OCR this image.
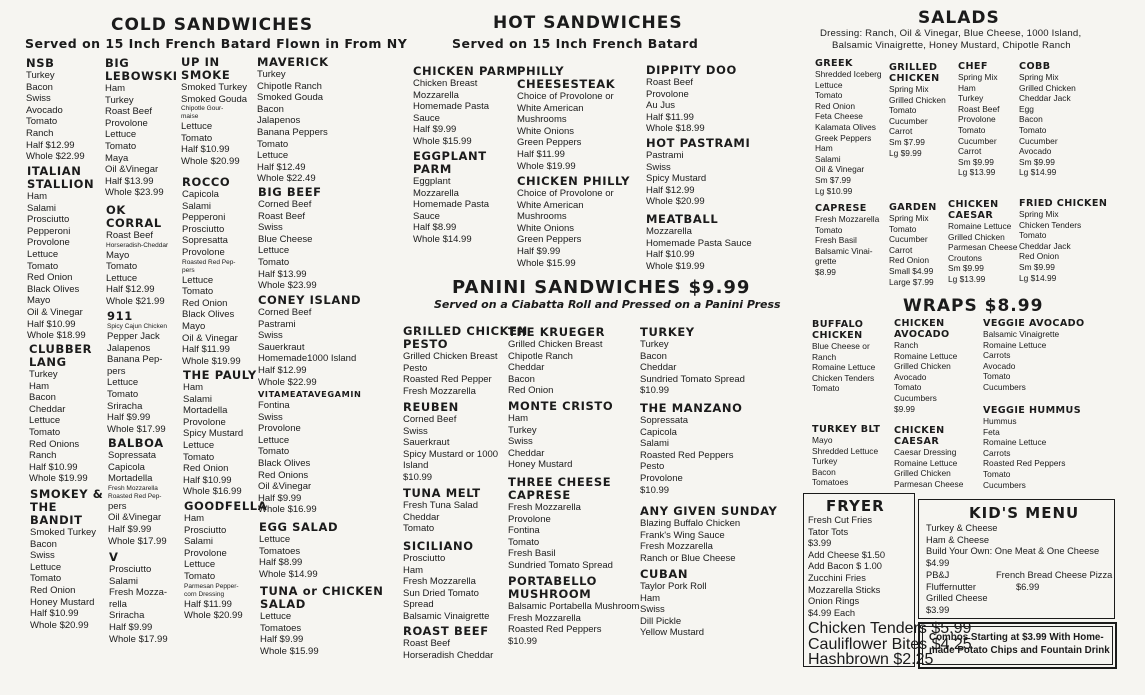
COLD SANDWICHES
Served on 15 Inch French Batard Flown in From NY
HOT SANDWICHES
Served on 15 Inch French Batard
PANINI SANDWICHES $9.99
Served on a Ciabatta Roll and Pressed on a Panini Press
SALADS
Dressing: Ranch, Oil & Vinegar, Blue Cheese, 1000 Island,
Balsamic Vinaigrette, Honey Mustard, Chipotle Ranch
WRAPS $8.99
NSB
Turkey
Bacon
Swiss
Avocado
Tomato
Ranch
Half $12.99
Whole $22.99
ITALIAN
STALLION
Ham
Salami
Prosciutto
Pepperoni
Provolone
Lettuce
Tomato
Red Onion
Black Olives
Mayo
Oil & Vinegar
Half $10.99
Whole $18.99
CLUBBER
LANG
Turkey
Ham
Bacon
Cheddar
Lettuce
Tomato
Red Onions
Ranch
Half $10.99
Whole $19.99
SMOKEY &
THE
BANDIT
Smoked Turkey
Bacon
Swiss
Lettuce
Tomato
Red Onion
Honey Mustard
Half $10.99
Whole $20.99
BIG
LEBOWSKI
Ham
Turkey
Roast Beef
Provolone
Lettuce
Tomato
Maya
Oil &Vinegar
Half $13.99
Whole $23.99
OK
CORRAL
Roast Beef
Horseradish-Cheddar
Mayo
Tomato
Lettuce
Half $12.99
Whole $21.99
911
Spicy Cajun Chicken
Pepper Jack
Jalapenos
Banana Pep-
pers
Lettuce
Tomato
Sriracha
Half $9.99
Whole $17.99
BALBOA
Sopressata
Capicola
Mortadella
Fresh Mozzarella
Roasted Red Pep-
pers
Oil &Vinegar
Half $9.99
Whole $17.99
V
Prosciutto
Salami
Fresh Mozza-
rella
Sriracha
Half $9.99
Whole $17.99
UP IN
SMOKE
Smoked Turkey
Smoked Gouda
Chipotle Gour-
maise
Lettuce
Tomato
Half $10.99
Whole $20.99
ROCCO
Capicola
Salami
Pepperoni
Prosciutto
Sopresatta
Provolone
Roasted Red Pep-
pers
Lettuce
Tomato
Red Onion
Black Olives
Mayo
Oil & Vinegar
Half $11.99
Whole $19.99
THE PAULY
Ham
Salami
Mortadella
Provolone
Spicy Mustard
Lettuce
Tomato
Red Onion
Half $10.99
Whole $16.99
GOODFELLA
Ham
Prosciutto
Salami
Provolone
Lettuce
Tomato
Parmesan Pepper-
corn Dressing
Half $11.99
Whole $20.99
MAVERICK
Turkey
Chipotle Ranch
Smoked Gouda
Bacon
Jalapenos
Banana Peppers
Tomato
Lettuce
Half $12.49
Whole $22.49
BIG BEEF
Corned Beef
Roast Beef
Swiss
Blue Cheese
Lettuce
Tomato
Half $13.99
Whole $23.99
CONEY ISLAND
Corned Beef
Pastrami
Swiss
Sauerkraut
Homemade1000 Island
Half $12.99
Whole $22.99
VITAMEATAVEGAMIN
Fontina
Swiss
Provolone
Lettuce
Tomato
Black Olives
Red Onions
Oil &Vinegar
Half $9.99
Whole $16.99
EGG SALAD
Lettuce
Tomatoes
Half $8.99
Whole $14.99
TUNA or CHICKEN
SALAD
Lettuce
Tomatoes
Half $9.99
Whole $15.99
CHICKEN PARM
Chicken Breast
Mozzarella
Homemade Pasta
Sauce
Half $9.99
Whole $15.99
EGGPLANT
PARM
Eggplant
Mozzarella
Homemade Pasta
Sauce
Half $8.99
Whole $14.99
PHILLY
CHEESESTEAK
Choice of Provolone or
White American
Mushrooms
White Onions
Green Peppers
Half $11.99
Whole $19.99
CHICKEN PHILLY
Choice of Provolone or
White American
Mushrooms
White Onions
Green Peppers
Half $9.99
Whole $15.99
DIPPITY DOO
Roast Beef
Provolone
Au Jus
Half $11.99
Whole $18.99
HOT PASTRAMI
Pastrami
Swiss
Spicy Mustard
Half $12.99
Whole $20.99
MEATBALL
Mozzarella
Homemade Pasta Sauce
Half $10.99
Whole $19.99
GRILLED CHICKEN
PESTO
Grilled Chicken Breast
Pesto
Roasted Red Pepper
Fresh Mozzarella
REUBEN
Corned Beef
Swiss
Sauerkraut
Spicy Mustard or 1000
Island
$10.99
TUNA MELT
Fresh Tuna Salad
Cheddar
Tomato
SICILIANO
Prosciutto
Ham
Fresh Mozzarella
Sun Dried Tomato
Spread
Balsamic Vinaigrette
ROAST BEEF
Roast Beef
Horseradish Cheddar
THE KRUEGER
Grilled Chicken Breast
Chipotle Ranch
Cheddar
Bacon
Red Onion
MONTE CRISTO
Ham
Turkey
Swiss
Cheddar
Honey Mustard
THREE CHEESE
CAPRESE
Fresh Mozzarella
Provolone
Fontina
Tomato
Fresh Basil
Sundried Tomato Spread
PORTABELLO
MUSHROOM
Balsamic Portabella Mushroom
Fresh Mozzarella
Roasted Red Peppers
$10.99
TURKEY
Turkey
Bacon
Cheddar
Sundried Tomato Spread
$10.99
THE MANZANO
Sopressata
Capicola
Salami
Roasted Red Peppers
Pesto
Provolone
$10.99
ANY GIVEN SUNDAY
Blazing Buffalo Chicken
Frank's Wing Sauce
Fresh Mozzarella
Ranch or Blue Cheese
CUBAN
Taylor Pork Roll
Ham
Swiss
Dill Pickle
Yellow Mustard
GREEK
Shredded Iceberg
Lettuce
Tomato
Red Onion
Feta Cheese
Kalamata Olives
Greek Peppers
Ham
Salami
Oil & Vinegar
Sm $7.99
Lg $10.99
GRILLED
CHICKEN
Spring Mix
Grilled Chicken
Tomato
Cucumber
Carrot
Sm $7.99
Lg $9.99
CHEF
Spring Mix
Ham
Turkey
Roast Beef
Provolone
Tomato
Cucumber
Carrot
Sm $9.99
Lg $13.99
COBB
Spring Mix
Grilled Chicken
Cheddar Jack
Egg
Bacon
Tomato
Cucumber
Avocado
Sm $9.99
Lg $14.99
CAPRESE
Fresh Mozzarella
Tomato
Fresh Basil
Balsamic Vinai-
grette
$8.99
GARDEN
Spring Mix
Tomato
Cucumber
Carrot
Red Onion
Small $4.99
Large $7.99
CHICKEN
CAESAR
Romaine Lettuce
Grilled Chicken
Parmesan Cheese
Croutons
Sm $9.99
Lg $13.99
FRIED CHICKEN
Spring Mix
Chicken Tenders
Tomato
Cheddar Jack
Red Onion
Sm $9.99
Lg $14.99
BUFFALO
CHICKEN
Blue Cheese or
Ranch
Romaine Lettuce
Chicken Tenders
Tomato
CHICKEN
AVOCADO
Ranch
Romaine Lettuce
Grilled Chicken
Avocado
Tomato
Cucumbers
$9.99
VEGGIE AVOCADO
Balsamic Vinaigrette
Romaine Lettuce
Carrots
Avocado
Tomato
Cucumbers
TURKEY BLT
Mayo
Shredded Lettuce
Turkey
Bacon
Tomatoes
CHICKEN
CAESAR
Caesar Dressing
Romaine Lettuce
Grilled Chicken
Parmesan Cheese
VEGGIE HUMMUS
Hummus
Feta
Romaine Lettuce
Carrots
Roasted Red Peppers
Tomato
Cucumbers
FRYER
Fresh Cut Fries
Tator Tots
$3.99
Add Cheese $1.50
Add Bacon $ 1.00
Zucchini Fries
Mozzarella Sticks
Onion Rings
$4.99 Each
Chicken Tenders $5.99
Cauliflower Bites $4.25
Hashbrown $2.25
KID'S MENU
Turkey & Cheese
Ham & Cheese
Build Your Own: One Meat & One Cheese
$4.99
PB&J
Fluffernutter
Grilled Cheese
$3.99
French Bread Cheese Pizza
$6.99
Combos Starting at $3.99 With Home-
made Potato Chips and Fountain Drink
